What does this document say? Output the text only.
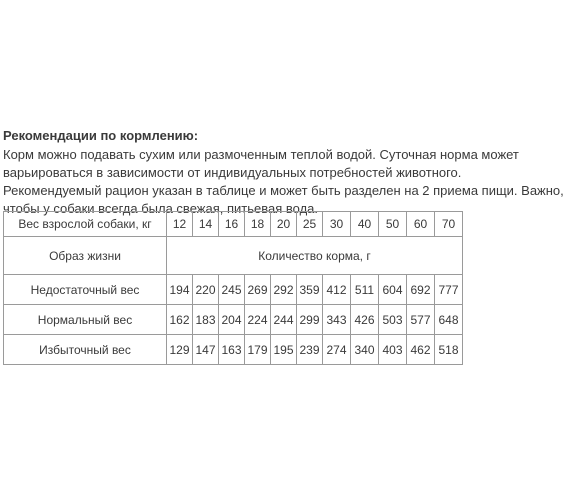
Рекомендации по кормлению:

Корм можно подавать сухим или размоченным теплой водой. Суточная норма может
варьироваться в зависимости от индивидуальных потребностей животного.
Рекомендуемый рацион указан в таблице и может быть разделен на 2 приема пищи. Важно,
чтобы у собаки всегда была свежая, питьевая вода.
Вес взрослой собаки, кг	12	14	16	18	20	25	30	40	50	60	70
Образ жизни	Количество корма, г										
Недостаточный вес	194	220	245	269	292	359	412	511	604	692	777
Нормальный вес	162	183	204	224	244	299	343	426	503	577	648
Избыточный вес	129	147	163	179	195	239	274	340	403	462	518
